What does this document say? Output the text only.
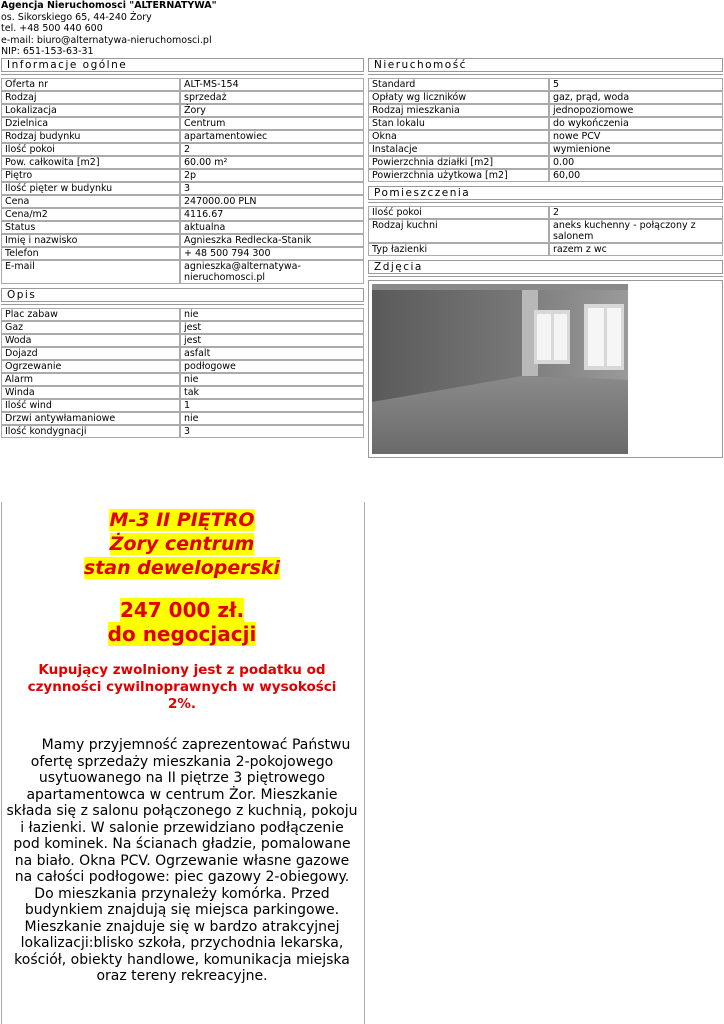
Agencja Nieruchomosci "ALTERNATYWA"
os. Sikorskiego 65, 44-240 Żory
tel. +48 500 440 600
e-mail: biuro@alternatywa-nieruchomosci.pl
NIP: 651-153-63-31
Informacje ogólne
Oferta nr	ALT-MS-154
Rodzaj	sprzedaż
Lokalizacja	Żory
Dzielnica	Centrum
Rodzaj budynku	apartamentowiec
Ilość pokoi	2
Pow. całkowita [m2]	60.00 m²
Piętro	2p
Ilość pięter w budynku	3
Cena	247000.00 PLN
Cena/m2	4116.67
Status	aktualna
Imię i nazwisko	Agnieszka Redlecka-Stanik
Telefon	+ 48 500 794 300
E-mail	agnieszka@alternatywa-nieruchomosci.pl
Opis
Plac zabaw	nie
Gaz	jest
Woda	jest
Dojazd	asfalt
Ogrzewanie	podłogowe
Alarm	nie
Winda	tak
Ilość wind	1
Drzwi antywłamaniowe	nie
Ilość kondygnacji	3
Nieruchomość
Standard	5
Opłaty wg liczników	gaz, prąd, woda
Rodzaj mieszkania	jednopoziomowe
Stan lokalu	do wykończenia
Okna	nowe PCV
Instalacje	wymienione
Powierzchnia działki [m2]	0.00
Powierzchnia użytkowa [m2]	60,00
Pomieszczenia
Ilość pokoi	2
Rodzaj kuchni	aneks kuchenny - połączony z salonem
Typ łazienki	razem z wc
Zdjęcia
M-3 II PIĘTRO
Żory centrum
stan deweloperski
247 000 zł.
do negocjacji
Kupujący zwolniony jest z podatku od czynności cywilnoprawnych w wysokości 2%.
Mamy przyjemność zaprezentować Państwu ofertę sprzedaży mieszkania 2-pokojowego usytuowanego na II piętrze 3 piętrowego apartamentowca w centrum Żor. Mieszkanie składa się z salonu połączonego z kuchnią, pokoju i łazienki. W salonie przewidziano podłączenie pod kominek. Na ścianach gładzie, pomalowane na biało. Okna PCV. Ogrzewanie własne gazowe na całości podłogowe: piec gazowy 2-obiegowy. Do mieszkania przynależy komórka. Przed budynkiem znajdują się miejsca parkingowe. Mieszkanie znajduje się w bardzo atrakcyjnej lokalizacji:blisko szkoła, przychodnia lekarska, kościół, obiekty handlowe, komunikacja miejska oraz tereny rekreacyjne.
